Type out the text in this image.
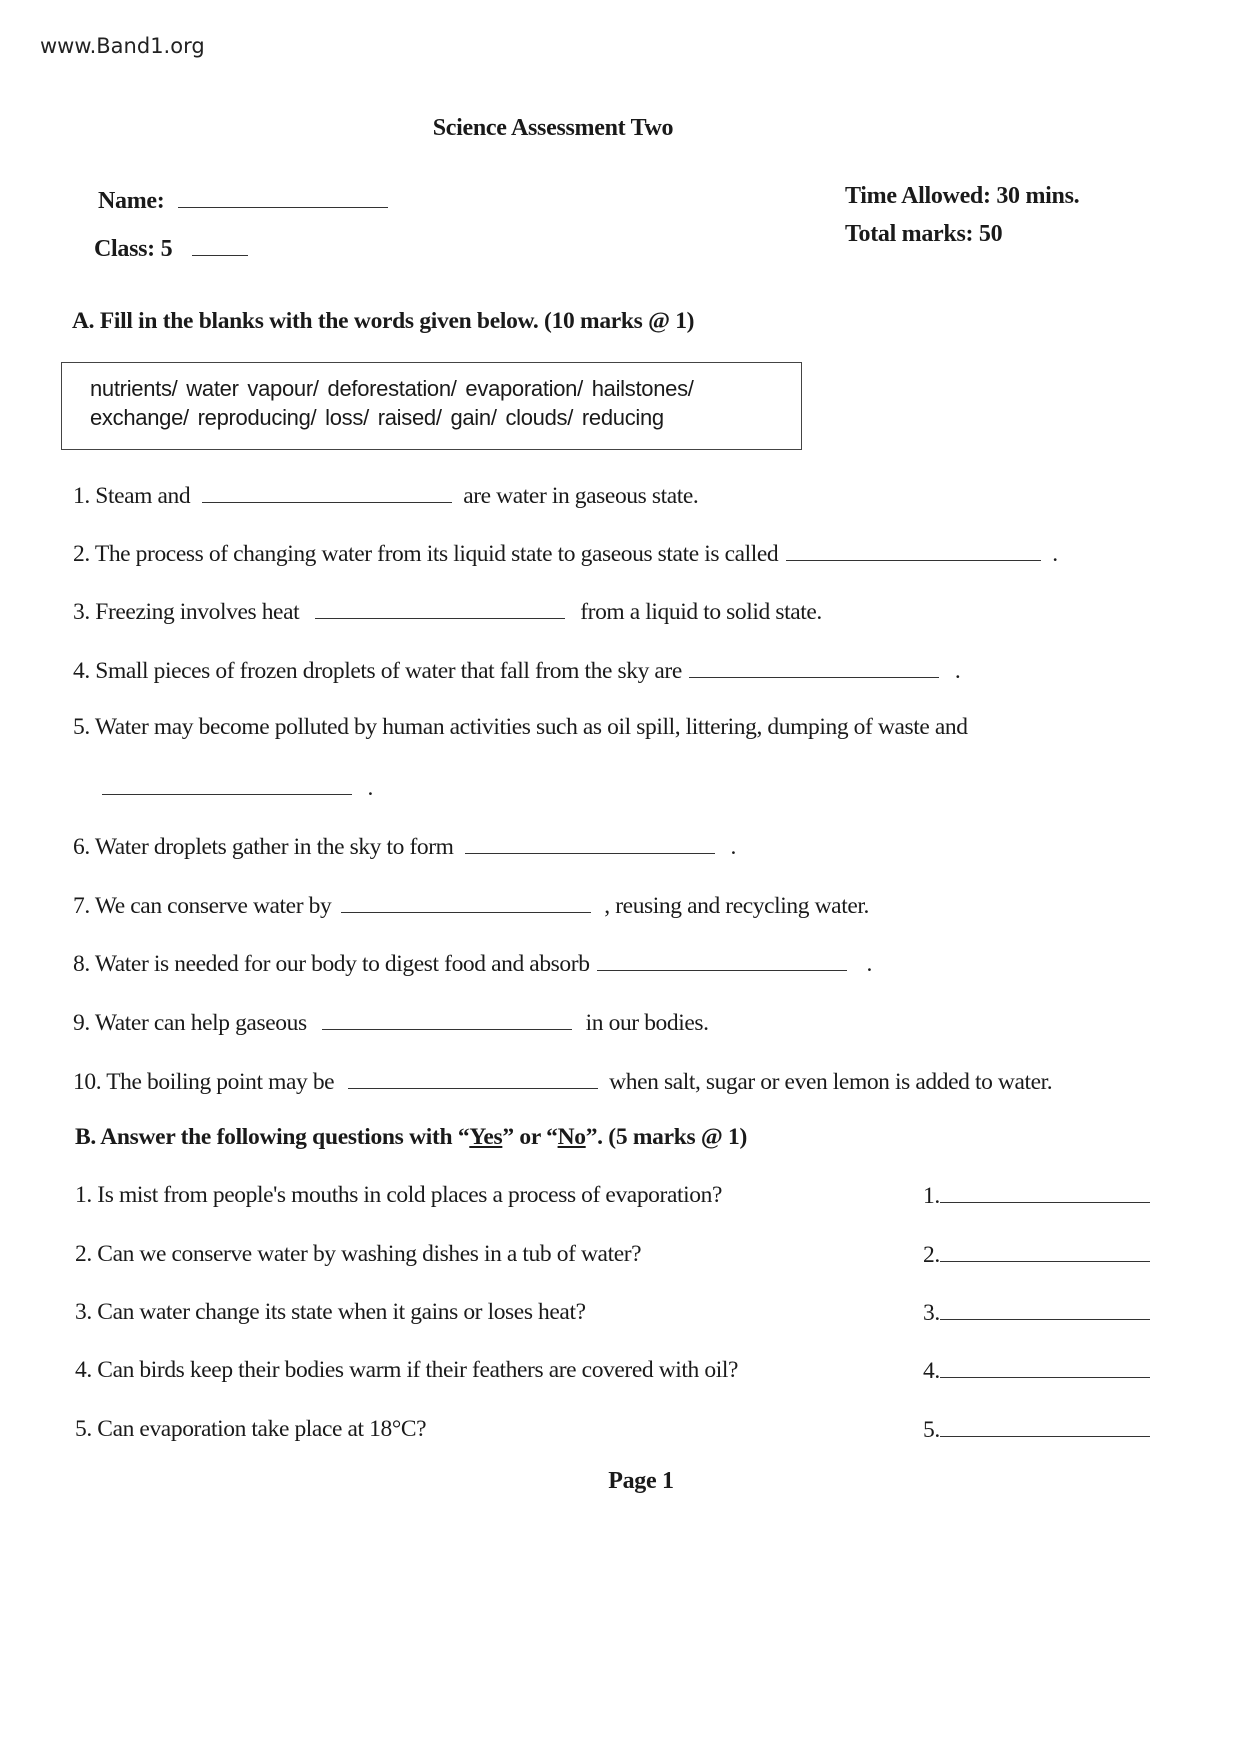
www.Band1.org
Science Assessment Two
Name:
Class: 5
Time Allowed: 30 mins.
Total marks: 50
A. Fill in the blanks with the words given below. (10 marks @ 1)
nutrients/ water vapour/ deforestation/ evaporation/ hailstones/
exchange/ reproducing/ loss/ raised/ gain/ clouds/ reducing
1. Steam and	are water in gaseous state.
2. The process of changing water from its liquid state to gaseous state is called	.
3. Freezing involves heat	from a liquid to solid state.
4. Small pieces of frozen droplets of water that fall from the sky are	.
5. Water may become polluted by human activities such as oil spill, littering, dumping of waste and
.
6. Water droplets gather in the sky to form	.
7. We can conserve water by	, reusing and recycling water.
8. Water is needed for our body to digest food and absorb	.
9. Water can help gaseous	in our bodies.
10. The boiling point may be	when salt, sugar or even lemon is added to water.
B. Answer the following questions with “Yes” or “No”. (5 marks @ 1)
1. Is mist from people's mouths in cold places a process of evaporation?	1.
2. Can we conserve water by washing dishes in a tub of water?	2.
3. Can water change its state when it gains or loses heat?	3.
4. Can birds keep their bodies warm if their feathers are covered with oil?	4.
5. Can evaporation take place at 18°C?	5.
Page 1
